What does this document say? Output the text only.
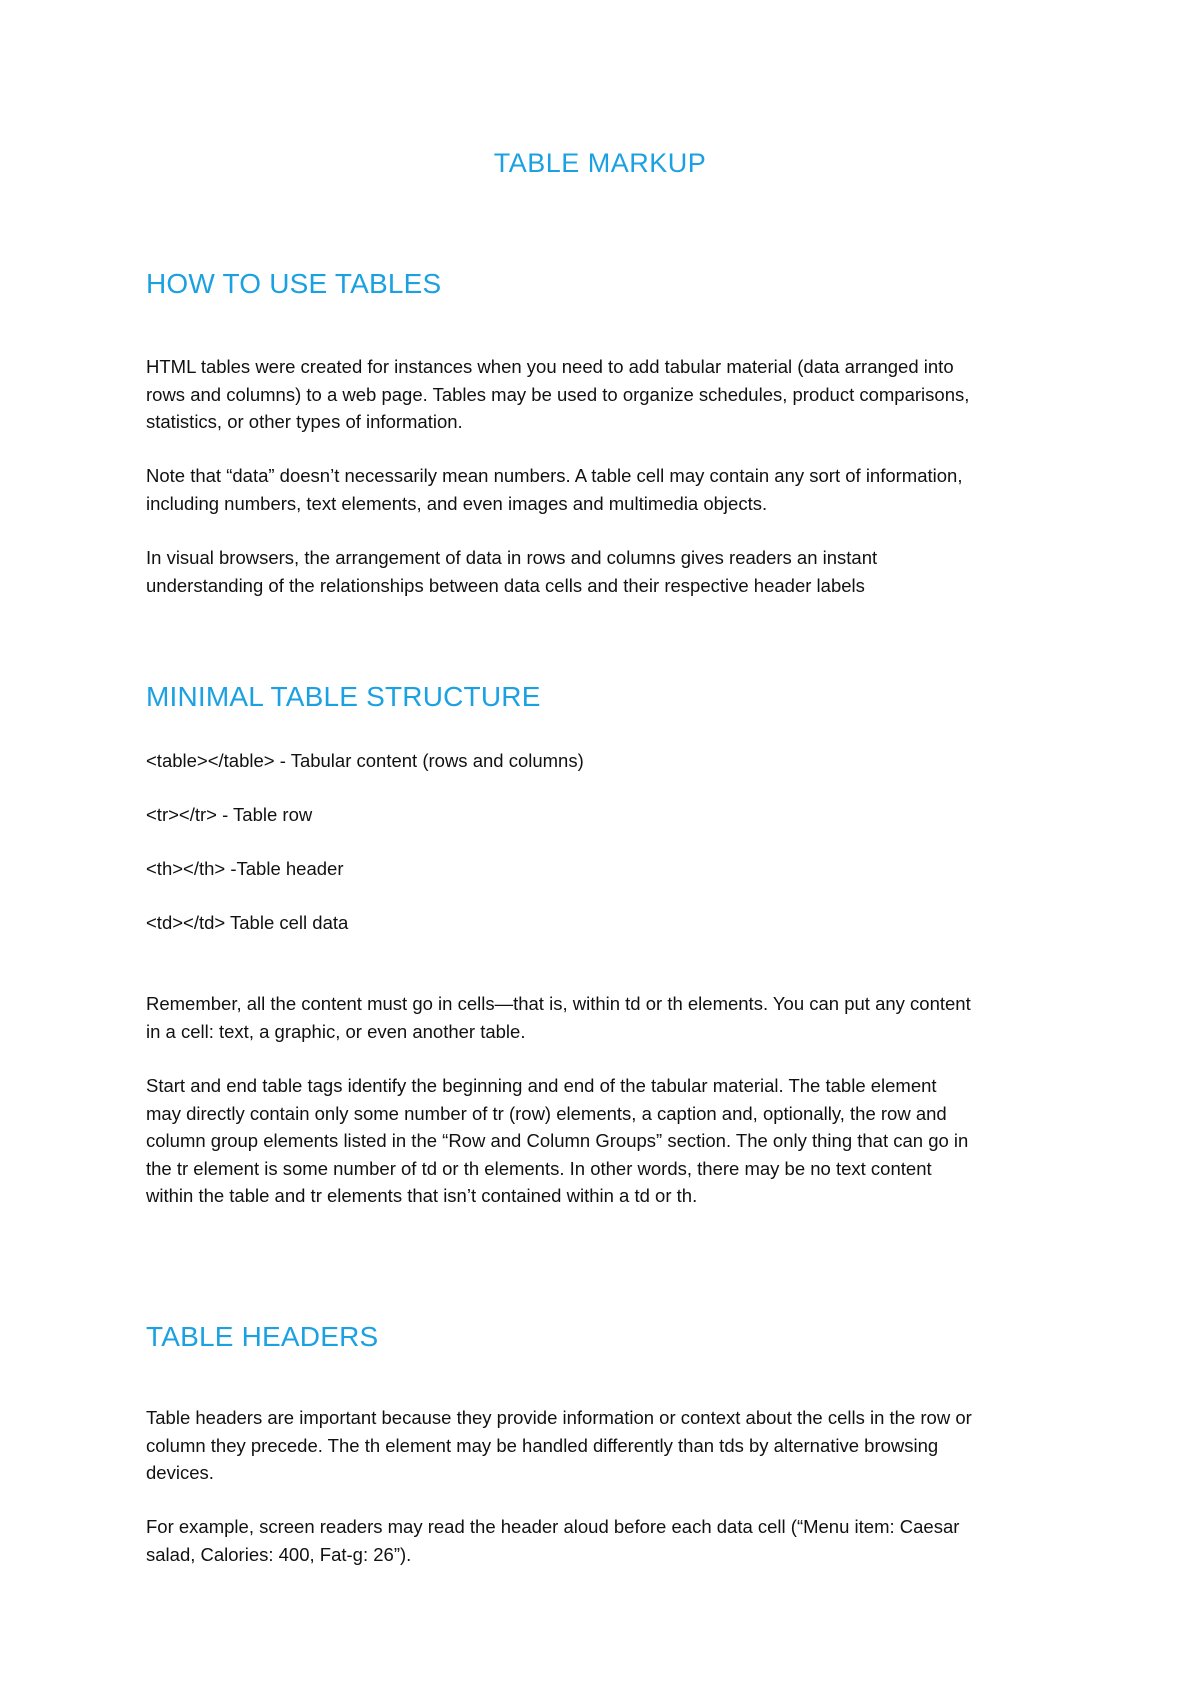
TABLE MARKUP
HOW TO USE TABLES

HTML tables were created for instances when you need to add tabular material (data arranged into rows and columns) to a web page. Tables may be used to organize schedules, product comparisons, statistics, or other types of information.

Note that “data” doesn’t necessarily mean numbers. A table cell may contain any sort of information, including numbers, text elements, and even images and multimedia objects.

In visual browsers, the arrangement of data in rows and columns gives readers an instant understanding of the relationships between data cells and their respective header labels

MINIMAL TABLE STRUCTURE

<table></table> - Tabular content (rows and columns)

<tr></tr> - Table row

<th></th> -Table header

<td></td> Table cell data

Remember, all the content must go in cells—that is, within td or th elements. You can put any content in a cell: text, a graphic, or even another table.

Start and end table tags identify the beginning and end of the tabular material. The table element may directly contain only some number of tr (row) elements, a caption and, optionally, the row and column group elements listed in the “Row and Column Groups” section. The only thing that can go in the tr element is some number of td or th elements. In other words, there may be no text content within the table and tr elements that isn’t contained within a td or th.

TABLE HEADERS

Table headers are important because they provide information or context about the cells in the row or column they precede. The th element may be handled differently than tds by alternative browsing devices.

For example, screen readers may read the header aloud before each data cell (“Menu item: Caesar salad, Calories: 400, Fat-g: 26”).
